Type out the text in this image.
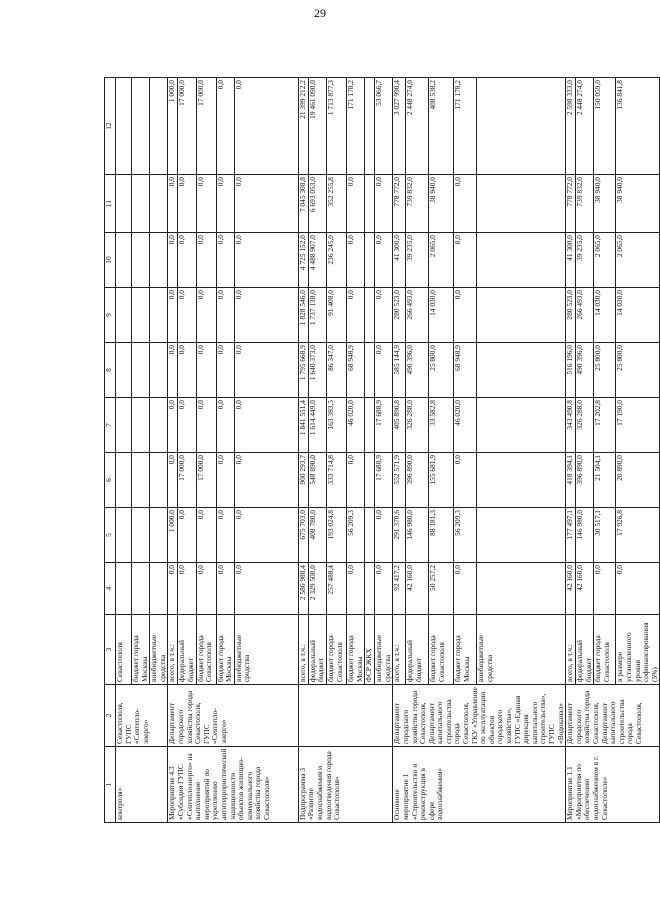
29
1	2	3	4	5	6	7	8	9	10	11	12
контроля»	Севастополя, ГУПС «Севтепло- энерго»	Севастополя									
		бюджет города Москвы									
		внебюджетные средства									
Мероприятие 4.3 «Субсидия ГУПС «Севтеплоэнерго» на выполнение мероприятий по укреплению антитеррористической защищенности объектов жилищно-коммунального хозяйства города Севастополя»	Департамент городского хозяйства города Севастополя, ГУПС «Севтепло- энерго»	всего, в т.ч.:	0,0	1 000,0	0,0	0,0	0,0	0,0	0,0	0,0	1 000,0
		федеральный бюджет	0,0	0,0	17 000,0	0,0	0,0	0,0	0,0	0,0	17 000,0
		бюджет города Севастополя	0,0	0,0	17 000,0	0,0	0,0	0,0	0,0	0,0	17 000,0
		бюджет города Москвы	0,0	0,0	0,0	0,0	0,0	0,0	0,0	0,0	0,0
		внебюджетные средства	0,0	0,0	0,0	0,0	0,0	0,0	0,0	0,0	0,0
Подпрограмма 3 «Развитие водоснабжения и водоотведения города Севастополя»		всего, в т.ч.:	2 586 988,4	675 703,0	900 293,7	1 841 551,4	1 795 668,9	1 828 546,0	4 725 152,0	7 045 308,8	21 399 212,2
		федеральный бюджет	2 329 500,0	408 780,0	548 890,0	1 614 449,0	1 640 373,0	1 737 138,0	4 488 907,0	6 693 053,0	19 461 090,0
		бюджет города Севастополя	257 488,4	193 024,8	333 714,8	163 393,5	86 347,0	91 408,0	236 245,0	352 255,8	1 713 877,3
		бюджет города Москвы	0,0	56 209,3	0,0	46 020,0	68 948,9	0,0	0,0	0,0	171 178,2
		ФСР ЖКХ									
		внебюджетные средства	0,0	0,0	17 688,9	17 688,9	0,0	0,0	0,0	0,0	53 066,7
Основное мероприятие 1 «Строительство и реконструкция в сфере водоснабжения»	Департамент городского хозяйства города Севастополя, Департамент капитального строительства города Севастополя, ГКУ «Управление по эксплуатации объектов городского хозяйства», ГУПС «Единая дирекция капитального строительства», ГУПС «Водоканал»	всего, в т.ч.:	92 417,2	291 370,6	552 571,9	405 890,8	585 144,9	280 523,0	41 300,0	778 772,0	3 027 990,4
		федеральный бюджет	42 160,0	146 980,0	396 890,0	326 288,0	490 396,0	266 493,0	39 235,0	739 832,0	2 448 274,0
		бюджет города Севастополя	50 257,2	88 181,3	155 681,9	33 582,8	25 800,0	14 030,0	2 065,0	38 940,0	408 538,2
		бюджет города Москвы	0,0	56 209,3	0,0	46 020,0	68 948,9	0,0	0,0	0,0	171 178,2
		внебюджетные средства									
Мероприятие 1.1 «Мероприятия по обеспечению водоснабжением в г. Севастополе»	Департамент городского хозяйства города Севастополя, Департамент капитального строительства города Севастополя,	всего, в т.ч.:	42 160,0	177 497,1	418 394,1	343 490,8	516 196,0	280 523,0	41 300,0	778 772,0	2 598 333,0
		федеральный бюджет	42 160,0	146 980,0	396 890,0	326 288,0	490 396,0	266 493,0	39 235,0	739 832,0	2 448 274,0
		бюджет города Севастополя	0,0	30 517,1	21 504,1	17 202,8	25 800,0	14 030,0	2 065,0	38 940,0	150 059,0
		в размере установленного уровня софинансирования (5%)	0,0	17 926,8	20 890,0	17 190,0	25 800,0	14 030,0	2 065,0	38 940,0	136 841,8
